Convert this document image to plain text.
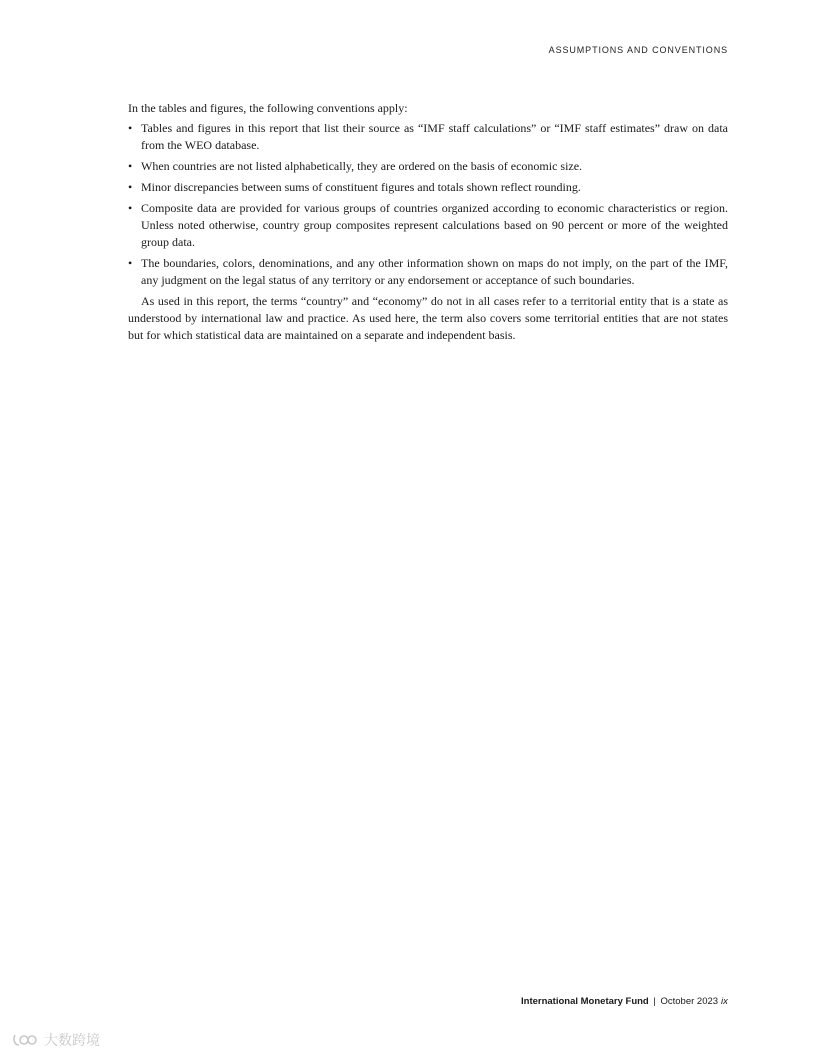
ASSUMPTIONS AND CONVENTIONS

In the tables and figures, the following conventions apply:

• Tables and figures in this report that list their source as “IMF staff calculations” or “IMF staff estimates” draw on data from the WEO database.
• When countries are not listed alphabetically, they are ordered on the basis of economic size.
• Minor discrepancies between sums of constituent figures and totals shown reflect rounding.
• Composite data are provided for various groups of countries organized according to economic characteristics or region. Unless noted otherwise, country group composites represent calculations based on 90 percent or more of the weighted group data.
• The boundaries, colors, denominations, and any other information shown on maps do not imply, on the part of the IMF, any judgment on the legal status of any territory or any endorsement or acceptance of such boundaries.

As used in this report, the terms “country” and “economy” do not in all cases refer to a territorial entity that is a state as understood by international law and practice. As used here, the term also covers some territorial entities that are not states but for which statistical data are maintained on a separate and independent basis.

International Monetary Fund | October 2023 ix
大数跨境
